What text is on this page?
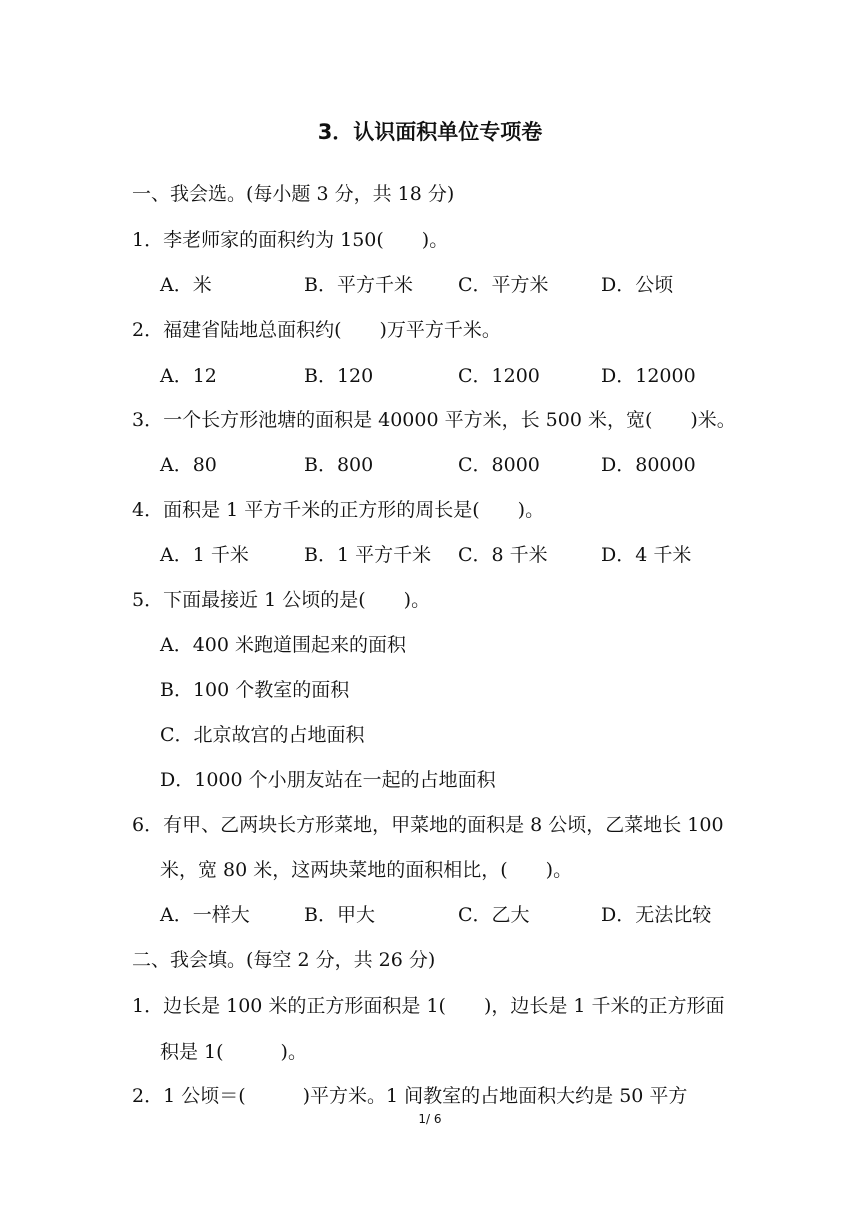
3．认识面积单位专项卷
一、我会选。(每小题 3 分，共 18 分)
1．李老师家的面积约为 150(　　)。
A．米	B．平方千米 C．平方米	D．公顷
2．福建省陆地总面积约(　　)万平方千米。
A．12	B．120	C．1200	D．12000
3．一个长方形池塘的面积是 40000 平方米，长 500 米，宽(　　)米。
A．80	B．800	C．8000	D．80000
4．面积是 1 平方千米的正方形的周长是(　　)。
A．1 千米	B．1 平方千米 C．8 千米	D．4 千米
5．下面最接近 1 公顷的是(　　)。
A．400 米跑道围起来的面积
B．100 个教室的面积
C．北京故宫的占地面积
D．1000 个小朋友站在一起的占地面积
6．有甲、乙两块长方形菜地，甲菜地的面积是 8 公顷，乙菜地长 100
米，宽 80 米，这两块菜地的面积相比，(　　)。
A．一样大	B．甲大	C．乙大	D．无法比较
二、我会填。(每空 2 分，共 26 分)
1．边长是 100 米的正方形面积是 1(　　)，边长是 1 千米的正方形面
积是 1(　　　)。
2．1 公顷＝(　　　)平方米。1 间教室的占地面积大约是 50 平方
1/ 6
